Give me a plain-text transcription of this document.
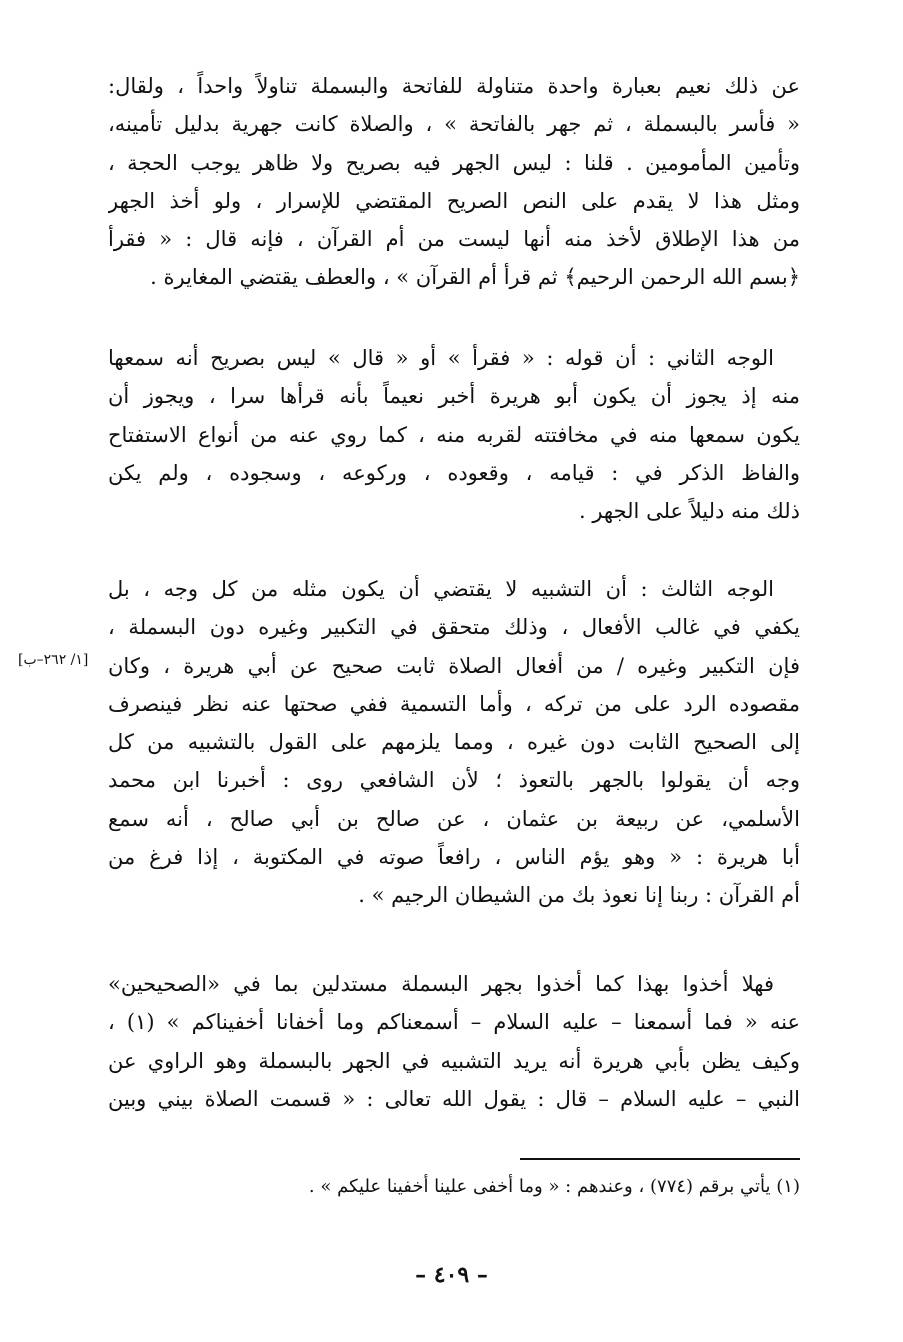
عن ذلك نعيم بعبارة واحدة متناولة للفاتحة والبسملة تناولاً واحداً ، ولقال:
« فأسر بالبسملة ، ثم جهر بالفاتحة » ، والصلاة كانت جهرية بدليل تأمينه،
وتأمين المأمومين . قلنا : ليس الجهر فيه بصريح ولا ظاهر يوجب الحجة ،
ومثل هذا لا يقدم على النص الصريح المقتضي للإسرار ، ولو أخذ الجهر
من هذا الإطلاق لأخذ منه أنها ليست من أم القرآن ، فإنه قال : « فقرأ
﴿بسم الله الرحمن الرحيم﴾ ثم قرأ أم القرآن » ، والعطف يقتضي المغايرة .
الوجه الثاني : أن قوله : « فقرأ » أو « قال » ليس بصريح أنه سمعها
منه إذ يجوز أن يكون أبو هريرة أخبر نعيماً بأنه قرأها سرا ، ويجوز أن
يكون سمعها منه في مخافتته لقربه منه ، كما روي عنه من أنواع الاستفتاح
والفاظ الذكر في : قيامه ، وقعوده ، وركوعه ، وسجوده ، ولم يكن
ذلك منه دليلاً على الجهر .
الوجه الثالث : أن التشبيه لا يقتضي أن يكون مثله من كل وجه ، بل
يكفي في غالب الأفعال ، وذلك متحقق في التكبير وغيره دون البسملة ،
فإن التكبير وغيره / من أفعال الصلاة ثابت صحيح عن أبي هريرة ، وكان
مقصوده الرد على من تركه ، وأما التسمية ففي صحتها عنه نظر فينصرف
إلى الصحيح الثابت دون غيره ، ومما يلزمهم على القول بالتشبيه من كل
وجه أن يقولوا بالجهر بالتعوذ ؛ لأن الشافعي روى : أخبرنا ابن محمد
الأسلمي، عن ربيعة بن عثمان ، عن صالح بن أبي صالح ، أنه سمع
أبا هريرة : « وهو يؤم الناس ، رافعاً صوته في المكتوبة ، إذا فرغ من
أم القرآن : ربنا إنا نعوذ بك من الشيطان الرجيم » .
[١/ ٢٦٢–ب]
فهلا أخذوا بهذا كما أخذوا بجهر البسملة مستدلين بما في «الصحيحين»
عنه « فما أسمعنا – عليه السلام – أسمعناكم وما أخفانا أخفيناكم » (١) ،
وكيف يظن بأبي هريرة أنه يريد التشبيه في الجهر بالبسملة وهو الراوي عن
النبي – عليه السلام – قال : يقول الله تعالى : « قسمت الصلاة بيني وبين
(١) يأتي برقم (٧٧٤) ، وعندهم : « وما أخفى علينا أخفينا عليكم » .
– ٤٠٩ –
